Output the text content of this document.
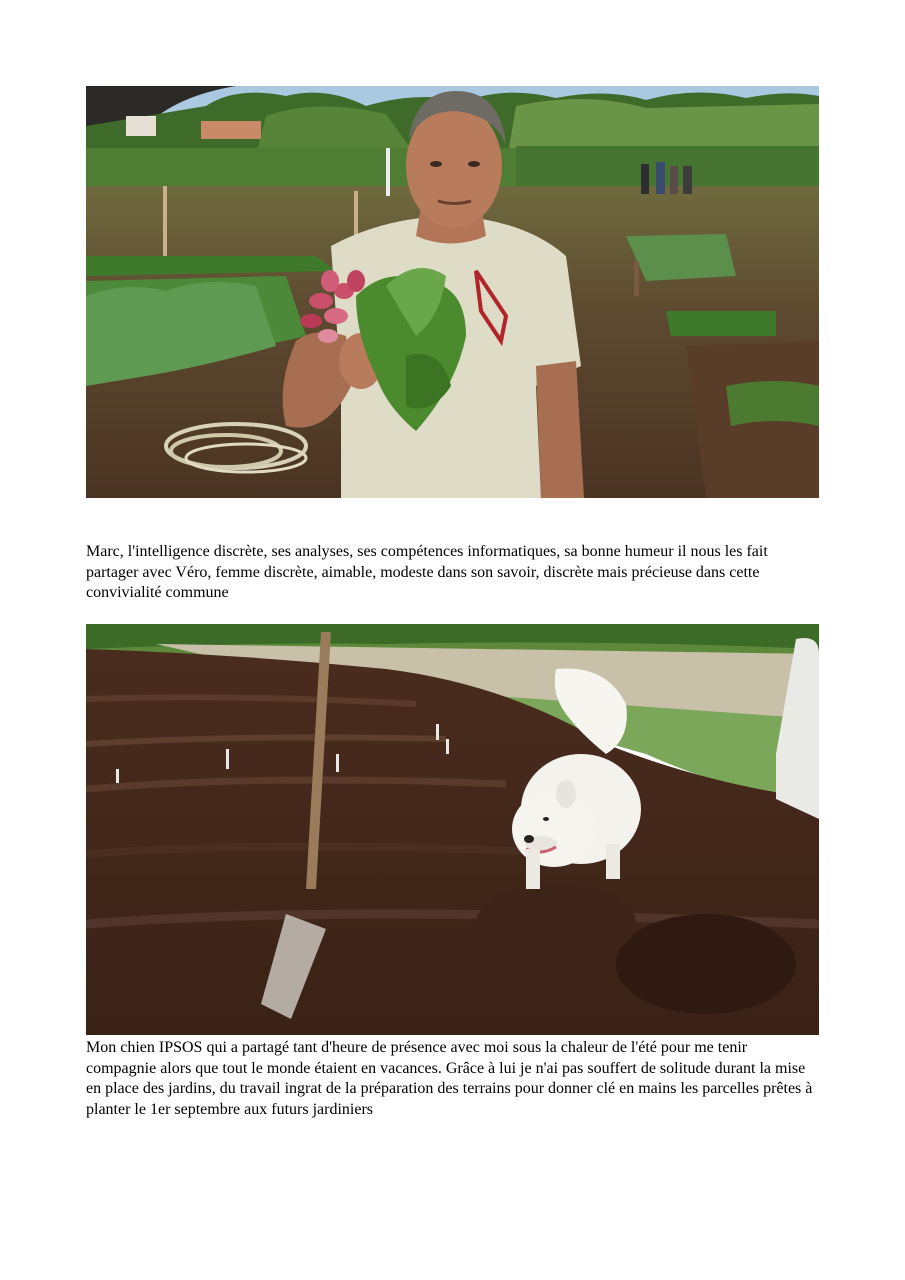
Marc, l'intelligence discrète, ses analyses, ses compétences informatiques, sa bonne humeur il nous les fait partager avec Véro, femme discrète, aimable, modeste dans son savoir, discrète mais précieuse dans cette convivialité commune

Mon chien IPSOS qui a partagé tant d'heure de présence avec moi sous la chaleur de l'été pour me tenir compagnie alors que tout le monde étaient en vacances. Grâce à lui je n'ai pas souffert de solitude durant la mise en place des jardins, du travail ingrat de la préparation des terrains pour donner clé en mains les parcelles prêtes à planter le 1er septembre aux futurs jardiniers
